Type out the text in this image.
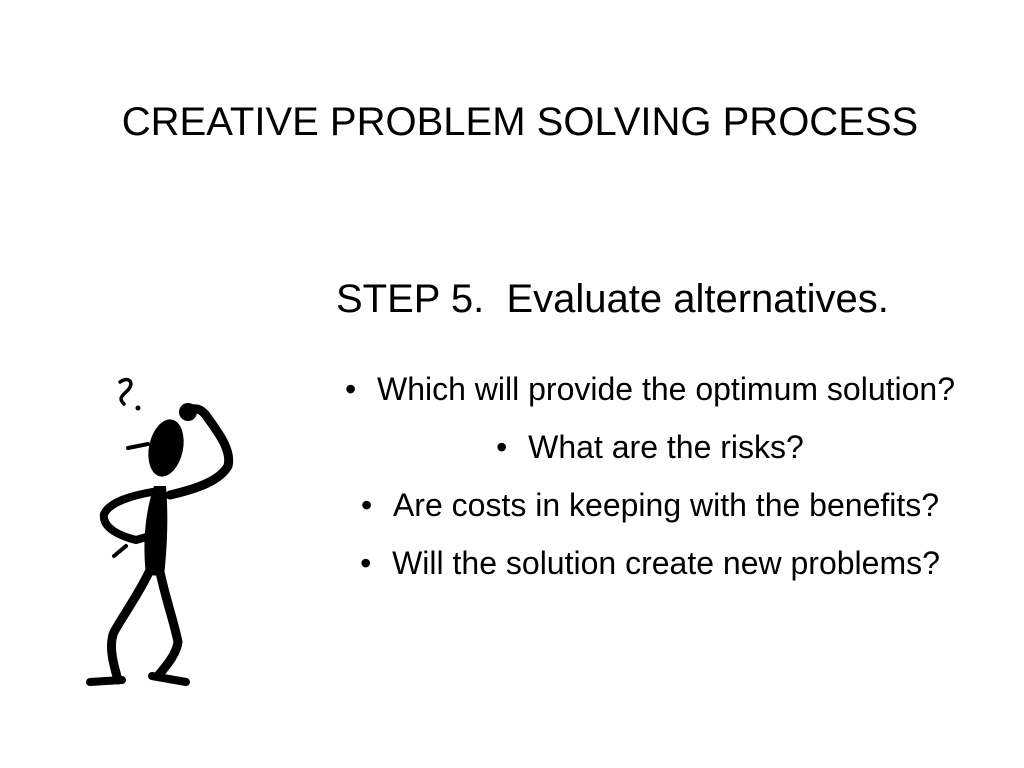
CREATIVE PROBLEM SOLVING PROCESS
STEP 5.  Evaluate alternatives.
• Which will provide the optimum solution?
• What are the risks?
• Are costs in keeping with the benefits?
• Will the solution create new problems?
